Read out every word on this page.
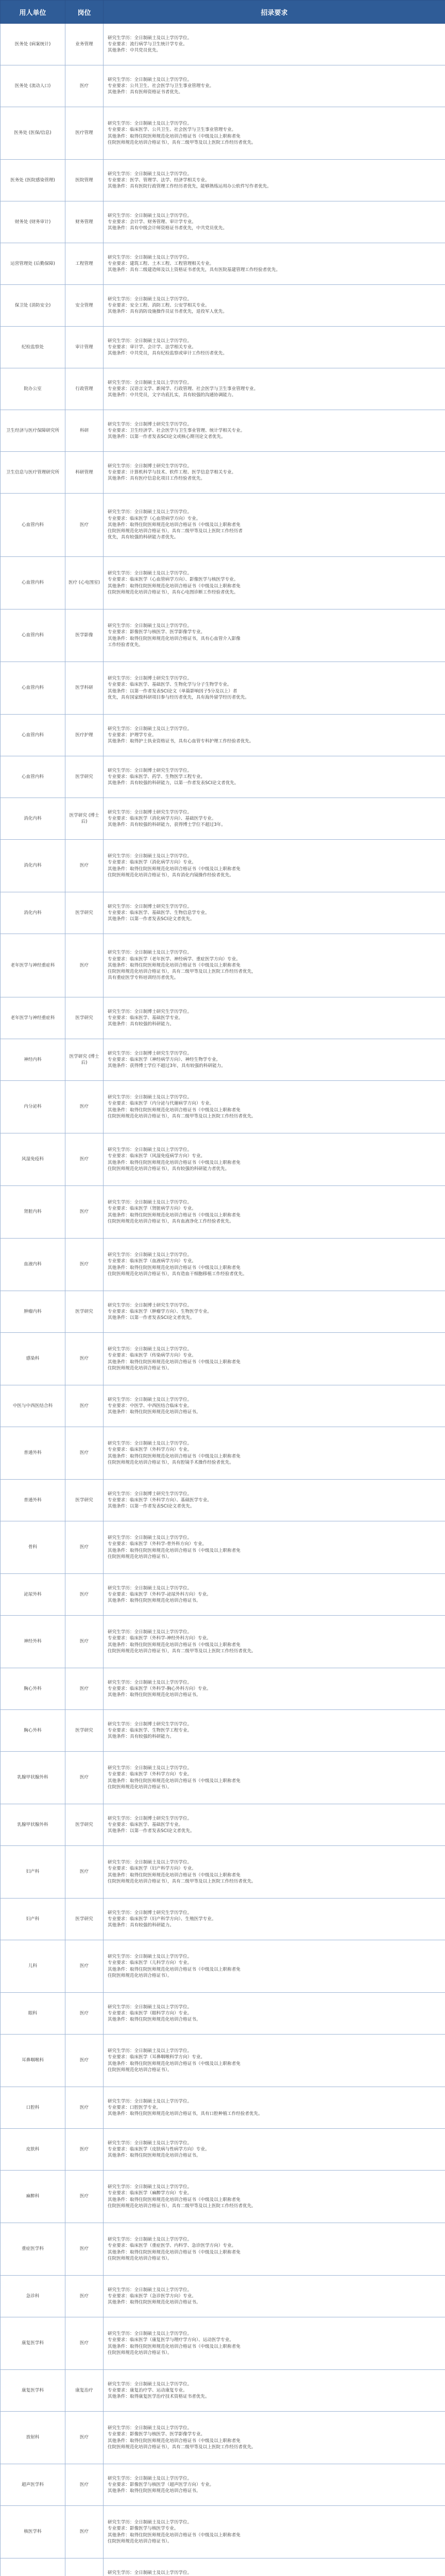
用人单位	岗位	招录要求
医务处 (病案统计)	业务管理	研究生学历：全日制硕士及以上学历学位。
专业要求：流行病学与卫生统计学专业。
其他条件：中共党员优先。

医务处 (流动人口)	医疗	研究生学历：全日制硕士及以上学历学位。
专业要求：公共卫生、社会医学与卫生事业管理专业。
其他条件：具有医师资格证书者优先。

医务处 (医保/信息)	医疗管理	研究生学历：全日制硕士及以上学历学位。
专业要求：临床医学、公共卫生、社会医学与卫生事业管理专业。
其他条件：取得住院医师规范化培训合格证书（中级及以上职称者免
住院医师规范化培训合格证书），具有二级甲等及以上医院工作经历者优先。

医务处 (医院感染管理)	医院管理	研究生学历：全日制硕士及以上学历学位。
专业要求：医学、管理学、法学、经济学相关专业。
其他条件：具有医院行政管理工作经历者优先，能够熟练运用办公软件写作者优先。

财务处 (财务审计)	财务管理	研究生学历：全日制硕士及以上学历学位。
专业要求：会计学、财务管理、审计学专业。
其他条件：具有中级会计师资格证书者优先，中共党员优先。

运营管理处 (后勤保障)	工程管理	研究生学历：全日制硕士及以上学历学位。
专业要求：建筑工程、土木工程、工程管理相关专业。
其他条件：具有二级建造师及以上资格证书者优先，具有医院基建管理工作经验者优先。

保卫处 (消防安全)	安全管理	研究生学历：全日制硕士及以上学历学位。
专业要求：安全工程、消防工程、公安学相关专业。
其他条件：具有消防设施操作员证书者优先，退役军人优先。

纪检监察处	审计管理	研究生学历：全日制硕士及以上学历学位。
专业要求：审计学、会计学、法学相关专业。
其他条件：中共党员，具有纪检监察或审计工作经历者优先。

院办公室	行政管理	研究生学历：全日制硕士及以上学历学位。
专业要求：汉语言文学、新闻学、行政管理、社会医学与卫生事业管理专业。
其他条件：中共党员，文字功底扎实，具有较强的沟通协调能力。

卫生经济与医疗保障研究所	科研	研究生学历：全日制博士研究生学历学位。
专业要求：卫生经济学、社会医学与卫生事业管理、统计学相关专业。
其他条件：以第一作者发表SCI论文或核心期刊论文者优先。

卫生信息与医疗管理研究所	科研管理	研究生学历：全日制博士研究生学历学位。
专业要求：计算机科学与技术、软件工程、医学信息学相关专业。
其他条件：具有医疗信息化项目工作经验者优先。

心血管内科	医疗	研究生学历：全日制硕士及以上学历学位。
专业要求：临床医学（心血管病学方向）专业。
其他条件：取得住院医师规范化培训合格证书（中级及以上职称者免
住院医师规范化培训合格证书），具有二级甲等及以上医院工作经历者
优先，具有较强的科研能力者优先。

心血管内科	医疗 (心电图室)	研究生学历：全日制硕士及以上学历学位。
专业要求：临床医学（心血管病学方向）、影像医学与核医学专业。
其他条件：取得住院医师规范化培训合格证书（中级及以上职称者免
住院医师规范化培训合格证书），具有心电图诊断工作经验者优先。

心血管内科	医学影像	研究生学历：全日制硕士及以上学历学位。
专业要求：影像医学与核医学、医学影像学专业。
其他条件：取得住院医师规范化培训合格证书，具有心血管介入影像
工作经验者优先。

心血管内科	医学科研	研究生学历：全日制博士研究生学历学位。
专业要求：临床医学、基础医学、生物化学与分子生物学专业。
其他条件：以第一作者发表SCI论文（单篇影响因子5分及以上）者
优先，具有国家级科研项目参与经历者优先，具有海外留学经历者优先。

心血管内科	医疗护理	研究生学历：全日制硕士及以上学历学位。
专业要求：护理学专业。
其他条件：取得护士执业资格证书，具有心血管专科护理工作经验者优先。

心血管内科	医学研究	研究生学历：全日制博士研究生学历学位。
专业要求：临床医学、药学、生物医学工程专业。
其他条件：具有较强的科研能力，以第一作者发表SCI论文者优先。

消化内科	医学研究 (博士后)	研究生学历：全日制博士研究生学历学位。
专业要求：临床医学（消化病学方向）、基础医学专业。
其他条件：具有较强的科研能力，获得博士学位不超过3年。

消化内科	医疗	研究生学历：全日制硕士及以上学历学位。
专业要求：临床医学（消化病学方向）专业。
其他条件：取得住院医师规范化培训合格证书（中级及以上职称者免
住院医师规范化培训合格证书），具有消化内镜操作经验者优先。

消化内科	医学研究	研究生学历：全日制博士研究生学历学位。
专业要求：临床医学、基础医学、生物信息学专业。
其他条件：以第一作者发表SCI论文者优先。

老年医学与神经重症科	医疗	研究生学历：全日制硕士及以上学历学位。
专业要求：临床医学（老年医学、神经病学、重症医学方向）专业。
其他条件：取得住院医师规范化培训合格证书（中级及以上职称者免
住院医师规范化培训合格证书），具有二级甲等及以上医院工作经历者优先，
具有重症医学专科培训经历者优先。

老年医学与神经重症科	医学研究	研究生学历：全日制博士研究生学历学位。
专业要求：临床医学、基础医学专业。
其他条件：具有较强的科研能力。

神经内科	医学研究 (博士后)	研究生学历：全日制博士研究生学历学位。
专业要求：临床医学（神经病学方向）、神经生物学专业。
其他条件：获得博士学位不超过3年，具有较强的科研能力。

内分泌科	医疗	研究生学历：全日制硕士及以上学历学位。
专业要求：临床医学（内分泌与代谢病学方向）专业。
其他条件：取得住院医师规范化培训合格证书（中级及以上职称者免
住院医师规范化培训合格证书），具有二级甲等及以上医院工作经历者优先。

风湿免疫科	医疗	研究生学历：全日制硕士及以上学历学位。
专业要求：临床医学（风湿免疫病学方向）专业。
其他条件：取得住院医师规范化培训合格证书（中级及以上职称者免
住院医师规范化培训合格证书），具有较强的科研能力者优先。

肾脏内科	医疗	研究生学历：全日制硕士及以上学历学位。
专业要求：临床医学（肾脏病学方向）专业。
其他条件：取得住院医师规范化培训合格证书（中级及以上职称者免
住院医师规范化培训合格证书），具有血液净化工作经验者优先。

血液内科	医疗	研究生学历：全日制硕士及以上学历学位。
专业要求：临床医学（血液病学方向）专业。
其他条件：取得住院医师规范化培训合格证书（中级及以上职称者免
住院医师规范化培训合格证书），具有造血干细胞移植工作经验者优先。

肿瘤内科	医学研究	研究生学历：全日制博士研究生学历学位。
专业要求：临床医学（肿瘤学方向）、生物医学专业。
其他条件：以第一作者发表SCI论文者优先。

感染科	医疗	研究生学历：全日制硕士及以上学历学位。
专业要求：临床医学（传染病学方向）专业。
其他条件：取得住院医师规范化培训合格证书（中级及以上职称者免
住院医师规范化培训合格证书）。

中医与中西医结合科	医疗	研究生学历：全日制硕士及以上学历学位。
专业要求：中医学、中西医结合临床专业。
其他条件：取得住院医师规范化培训合格证书。

普通外科	医疗	研究生学历：全日制硕士及以上学历学位。
专业要求：临床医学（外科学方向）专业。
其他条件：取得住院医师规范化培训合格证书（中级及以上职称者免
住院医师规范化培训合格证书），具有腔镜手术操作经验者优先。

普通外科	医学研究	研究生学历：全日制博士研究生学历学位。
专业要求：临床医学（外科学方向）、基础医学专业。
其他条件：以第一作者发表SCI论文者优先。

骨科	医疗	研究生学历：全日制硕士及以上学历学位。
专业要求：临床医学（外科学-骨外科方向）专业。
其他条件：取得住院医师规范化培训合格证书（中级及以上职称者免
住院医师规范化培训合格证书）。

泌尿外科	医疗	研究生学历：全日制硕士及以上学历学位。
专业要求：临床医学（外科学-泌尿外科方向）专业。
其他条件：取得住院医师规范化培训合格证书。

神经外科	医疗	研究生学历：全日制硕士及以上学历学位。
专业要求：临床医学（外科学-神经外科方向）专业。
其他条件：取得住院医师规范化培训合格证书（中级及以上职称者免
住院医师规范化培训合格证书），具有二级甲等及以上医院工作经历者优先。

胸心外科	医疗	研究生学历：全日制硕士及以上学历学位。
专业要求：临床医学（外科学-胸心外科方向）专业。
其他条件：取得住院医师规范化培训合格证书。

胸心外科	医学研究	研究生学历：全日制博士研究生学历学位。
专业要求：临床医学、生物医学工程专业。
其他条件：具有较强的科研能力。

乳腺甲状腺外科	医疗	研究生学历：全日制硕士及以上学历学位。
专业要求：临床医学（外科学方向）专业。
其他条件：取得住院医师规范化培训合格证书（中级及以上职称者免
住院医师规范化培训合格证书）。

乳腺甲状腺外科	医学研究	研究生学历：全日制博士研究生学历学位。
专业要求：临床医学、基础医学专业。
其他条件：以第一作者发表SCI论文者优先。

妇产科	医疗	研究生学历：全日制硕士及以上学历学位。
专业要求：临床医学（妇产科学方向）专业。
其他条件：取得住院医师规范化培训合格证书（中级及以上职称者免
住院医师规范化培训合格证书），具有二级甲等及以上医院工作经历者优先。

妇产科	医学研究	研究生学历：全日制博士研究生学历学位。
专业要求：临床医学（妇产科学方向）、生殖医学专业。
其他条件：具有较强的科研能力。

儿科	医疗	研究生学历：全日制硕士及以上学历学位。
专业要求：临床医学（儿科学方向）专业。
其他条件：取得住院医师规范化培训合格证书（中级及以上职称者免
住院医师规范化培训合格证书）。

眼科	医疗	研究生学历：全日制硕士及以上学历学位。
专业要求：临床医学（眼科学方向）专业。
其他条件：取得住院医师规范化培训合格证书。

耳鼻咽喉科	医疗	研究生学历：全日制硕士及以上学历学位。
专业要求：临床医学（耳鼻咽喉科学方向）专业。
其他条件：取得住院医师规范化培训合格证书（中级及以上职称者免
住院医师规范化培训合格证书）。

口腔科	医疗	研究生学历：全日制硕士及以上学历学位。
专业要求：口腔医学专业。
其他条件：取得住院医师规范化培训合格证书，具有口腔种植工作经验者优先。

皮肤科	医疗	研究生学历：全日制硕士及以上学历学位。
专业要求：临床医学（皮肤病与性病学方向）专业。
其他条件：取得住院医师规范化培训合格证书。

麻醉科	医疗	研究生学历：全日制硕士及以上学历学位。
专业要求：临床医学（麻醉学方向）专业。
其他条件：取得住院医师规范化培训合格证书（中级及以上职称者免
住院医师规范化培训合格证书），具有二级甲等及以上医院工作经历者优先。

重症医学科	医疗	研究生学历：全日制硕士及以上学历学位。
专业要求：临床医学（重症医学、内科学、急诊医学方向）专业。
其他条件：取得住院医师规范化培训合格证书（中级及以上职称者免
住院医师规范化培训合格证书）。

急诊科	医疗	研究生学历：全日制硕士及以上学历学位。
专业要求：临床医学（急诊医学方向）专业。
其他条件：取得住院医师规范化培训合格证书。

康复医学科	医疗	研究生学历：全日制硕士及以上学历学位。
专业要求：临床医学（康复医学与理疗学方向）、运动医学专业。
其他条件：取得住院医师规范化培训合格证书（中级及以上职称者免
住院医师规范化培训合格证书）。

康复医学科	康复治疗	研究生学历：全日制硕士及以上学历学位。
专业要求：康复治疗学、运动康复专业。
其他条件：取得康复医学治疗技术资格证书者优先。

放射科	医疗	研究生学历：全日制硕士及以上学历学位。
专业要求：影像医学与核医学、医学影像学专业。
其他条件：取得住院医师规范化培训合格证书（中级及以上职称者免
住院医师规范化培训合格证书），具有二级甲等及以上医院工作经历者优先。

超声医学科	医疗	研究生学历：全日制硕士及以上学历学位。
专业要求：影像医学与核医学（超声医学方向）专业。
其他条件：取得住院医师规范化培训合格证书。

核医学科	医疗	研究生学历：全日制硕士及以上学历学位。
专业要求：影像医学与核医学专业。
其他条件：取得住院医师规范化培训合格证书（中级及以上职称者免
住院医师规范化培训合格证书）。

研究生学历：全日制硕士及以上学历学位。
